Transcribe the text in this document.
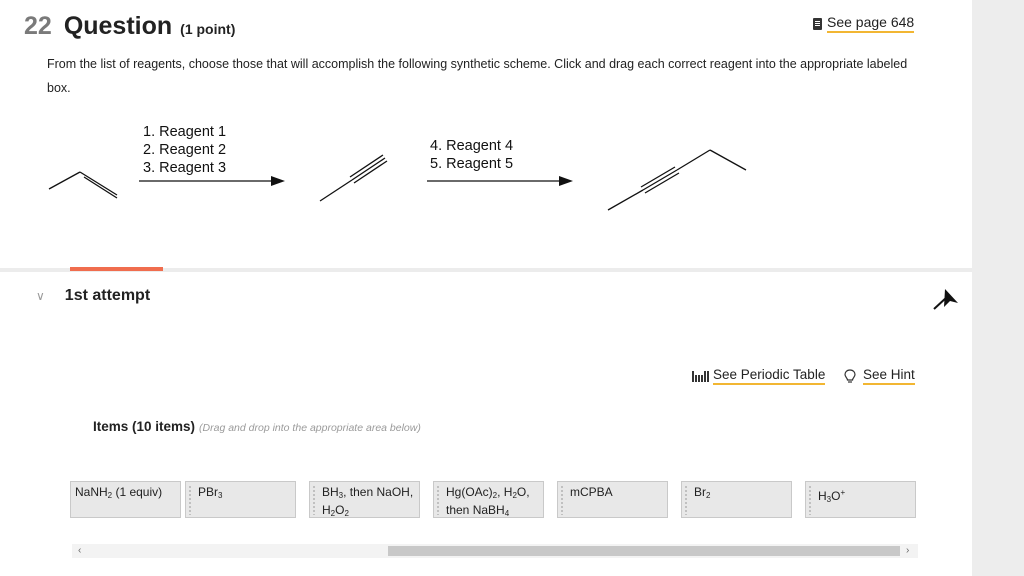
22 Question (1 point)	See page 648
From the list of reagents, choose those that will accomplish the following synthetic scheme. Click and drag each correct reagent into the appropriate labeled box.
1. Reagent 1
2. Reagent 2
3. Reagent 3
4. Reagent 4
5. Reagent 5
∨ 1st attempt
See Periodic Table	See Hint
Items (10 items) (Drag and drop into the appropriate area below)
NaNH$_2$ (1 equiv)	PBr$_3$	$BH_3$, then NaOH,
$H_2O_2$
$Hg(OAc)_2$, $H_2O$,
then NaBH$_4$
mCPBA	$Br_2$	$H_3O^+$
‹	›
